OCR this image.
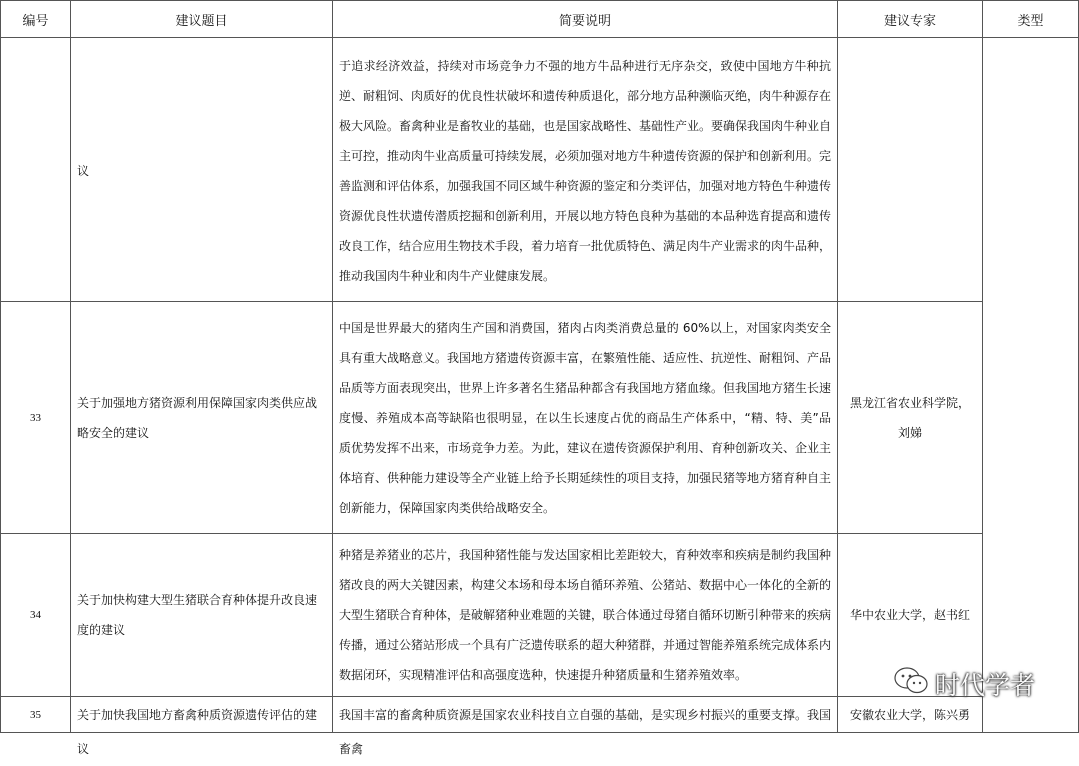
编号	建议题目	简要说明	建议专家	类型

	议	于追求经济效益，持续对市场竞争力不强的地方牛品种进行无序杂交，致使中国地方牛种抗逆、耐粗饲、肉质好的优良性状破坏和遗传种质退化，部分地方品种濒临灭绝，肉牛种源存在极大风险。畜禽种业是畜牧业的基础，也是国家战略性、基础性产业。要确保我国肉牛种业自主可控，推动肉牛业高质量可持续发展，必须加强对地方牛种遗传资源的保护和创新利用。完善监测和评估体系，加强我国不同区域牛种资源的鉴定和分类评估，加强对地方特色牛种遗传资源优良性状遗传潜质挖掘和创新利用，开展以地方特色良种为基础的本品种选育提高和遗传改良工作，结合应用生物技术手段，着力培育一批优质特色、满足肉牛产业需求的肉牛品种，推动我国肉牛种业和肉牛产业健康发展。		

33	关于加强地方猪资源利用保障国家肉类供应战略安全的建议	中国是世界最大的猪肉生产国和消费国，猪肉占肉类消费总量的 60%以上，对国家肉类安全具有重大战略意义。我国地方猪遗传资源丰富，在繁殖性能、适应性、抗逆性、耐粗饲、产品品质等方面表现突出，世界上许多著名生猪品种都含有我国地方猪血缘。但我国地方猪生长速度慢、养殖成本高等缺陷也很明显，在以生长速度占优的商品生产体系中，“精、特、美”品质优势发挥不出来，市场竞争力差。为此，建议在遗传资源保护利用、育种创新攻关、企业主体培育、供种能力建设等全产业链上给予长期延续性的项目支持，加强民猪等地方猪育种自主创新能力，保障国家肉类供给战略安全。	黑龙江省农业科学院，
刘娣	

34	关于加快构建大型生猪联合育种体提升改良速度的建议	种猪是养猪业的芯片，我国种猪性能与发达国家相比差距较大，育种效率和疾病是制约我国种猪改良的两大关键因素，构建父本场和母本场自循环养殖、公猪站、数据中心一体化的全新的大型生猪联合育种体，是破解猪种业难题的关键，联合体通过母猪自循环切断引种带来的疾病传播，通过公猪站形成一个具有广泛遗传联系的超大种猪群，并通过智能养殖系统完成体系内数据闭环，实现精准评估和高强度选种，快速提升种猪质量和生猪养殖效率。	华中农业大学，赵书红	
35	关于加快我国地方畜禽种质资源遗传评估的建议	我国丰富的畜禽种质资源是国家农业科技自立自强的基础，是实现乡村振兴的重要支撑。我国畜禽	安徽农业大学，陈兴勇	
时代学者
